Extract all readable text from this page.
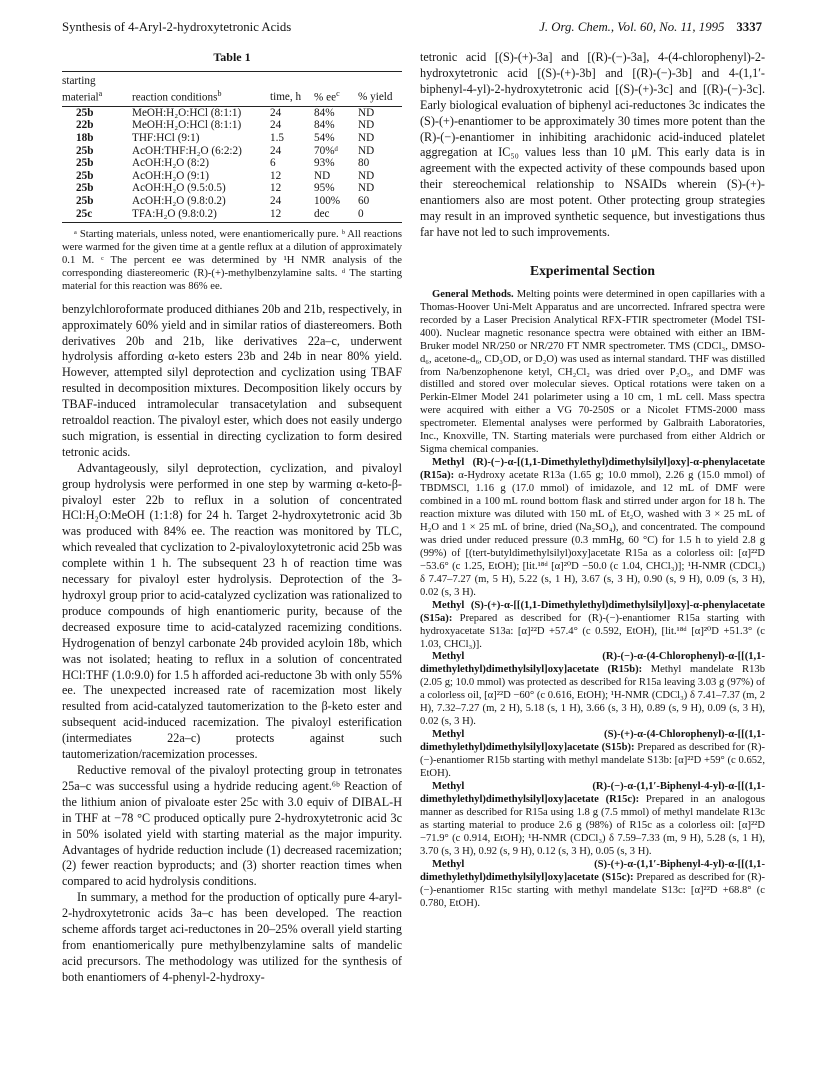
Synthesis of 4-Aryl-2-hydroxytetronic Acids	J. Org. Chem., Vol. 60, No. 11, 1995 3337
Table 1

starting
material$^a$	reaction conditions$^b$	time, h	% $ee^c$	% yield
25b	MeOH:H₂O:HCl (8:1:1)	24	84%	ND
22b	MeOH:H₂O:HCl (8:1:1)	24	84%	ND
18b	THF:HCl (9:1)	1.5	54%	ND
25b	AcOH:THF:H₂O (6:2:2)	24	70%ᵈ	ND
25b	AcOH:H₂O (8:2)	6	93%	80
25b	AcOH:H₂O (9:1)	12	ND	ND
25b	AcOH:H₂O (9.5:0.5)	12	95%	ND
25b	AcOH:H₂O (9.8:0.2)	24	100%	60
25c	TFA:H₂O (9.8:0.2)	12	dec	0

ᵃ Starting materials, unless noted, were enantiomerically pure. ᵇ All reactions were warmed for the given time at a gentle reflux at a dilution of approximately 0.1 M. ᶜ The percent ee was determined by ¹H NMR analysis of the corresponding diastereomeric (R)-(+)-methylbenzylamine salts. ᵈ The starting material for this reaction was 86% ee.

benzylchloroformate produced dithianes 20b and 21b, respectively, in approximately 60% yield and in similar ratios of diastereomers. Both derivatives 20b and 21b, like derivatives 22a–c, underwent hydrolysis affording α-keto esters 23b and 24b in near 80% yield. However, attempted silyl deprotection and cyclization using TBAF resulted in decomposition mixtures. Decomposition likely occurs by TBAF-induced intramolecular transacetylation and subsequent retroaldol reaction. The pivaloyl ester, which does not easily undergo such migration, is essential in directing cyclization to form desired tetronic acids.

Advantageously, silyl deprotection, cyclization, and pivaloyl group hydrolysis were performed in one step by warming α-keto-β-pivaloyl ester 22b to reflux in a solution of concentrated HCl:H₂O:MeOH (1:1:8) for 24 h. Target 2-hydroxytetronic acid 3b was produced with 84% ee. The reaction was monitored by TLC, which revealed that cyclization to 2-pivaloyloxytetronic acid 25b was complete within 1 h. The subsequent 23 h of reaction time was necessary for pivaloyl ester hydrolysis. Deprotection of the 3-hydroxyl group prior to acid-catalyzed cyclization was rationalized to produce compounds of high enantiomeric purity, because of the decreased exposure time to acid-catalyzed racemizing conditions. Hydrogenation of benzyl carbonate 24b provided acyloin 18b, which was not isolated; heating to reflux in a solution of concentrated HCl:THF (1.0:9.0) for 1.5 h afforded aci-reductone 3b with only 55% ee. The unexpected increased rate of racemization most likely resulted from acid-catalyzed tautomerization to the β-keto ester and subsequent acid-induced racemization. The pivaloyl esterification (intermediates 22a–c) protects against such tautomerization/racemization processes.

Reductive removal of the pivaloyl protecting group in tetronates 25a–c was successful using a hydride reducing agent.⁶ᵇ Reaction of the lithium anion of pivaloate ester 25c with 3.0 equiv of DIBAL-H in THF at −78 °C produced optically pure 2-hydroxytetronic acid 3c in 50% isolated yield with starting material as the major impurity. Advantages of hydride reduction include (1) decreased racemization; (2) fewer reaction byproducts; and (3) shorter reaction times when compared to acid hydrolysis conditions.

In summary, a method for the production of optically pure 4-aryl-2-hydroxytetronic acids 3a–c has been developed. The reaction scheme affords target aci-reductones in 20–25% overall yield starting from enantiomerically pure methylbenzylamine salts of mandelic acid precursors. The methodology was utilized for the synthesis of both enantiomers of 4-phenyl-2-hydroxy-

tetronic acid [(S)-(+)-3a] and [(R)-(−)-3a], 4-(4-chlorophenyl)-2-hydroxytetronic acid [(S)-(+)-3b] and [(R)-(−)-3b] and 4-(1,1′-biphenyl-4-yl)-2-hydroxytetronic acid [(S)-(+)-3c] and [(R)-(−)-3c]. Early biological evaluation of biphenyl aci-reductones 3c indicates the (S)-(+)-enantiomer to be approximately 30 times more potent than the (R)-(−)-enantiomer in inhibiting arachidonic acid-induced platelet aggregation at IC₅₀ values less than 10 μM. This early data is in agreement with the expected activity of these compounds based upon their stereochemical relationship to NSAIDs wherein (S)-(+)-enantiomers also are most potent. Other protecting group strategies may result in an improved synthetic sequence, but investigations thus far have not led to such improvements.

Experimental Section

General Methods. Melting points were determined in open capillaries with a Thomas-Hoover Uni-Melt Apparatus and are uncorrected. Infrared spectra were recorded by a Laser Precision Analytical RFX-FTIR spectrometer (Model TSI-400). Nuclear magnetic resonance spectra were obtained with either an IBM-Bruker model NR/250 or NR/270 FT NMR spectrometer. TMS (CDCl₃, DMSO-d₆, acetone-d₆, CD₃OD, or D₂O) was used as internal standard. THF was distilled from Na/benzophenone ketyl, CH₂Cl₂ was dried over P₂O₅, and DMF was distilled and stored over molecular sieves. Optical rotations were taken on a Perkin-Elmer Model 241 polarimeter using a 10 cm, 1 mL cell. Mass spectra were acquired with either a VG 70-250S or a Nicolet FTMS-2000 mass spectrometer. Elemental analyses were performed by Galbraith Laboratories, Inc., Knoxville, TN. Starting materials were purchased from either Aldrich or Sigma chemical companies.

Methyl (R)-(−)-α-[(1,1-Dimethylethyl)dimethylsilyl]oxy]-α-phenylacetate (R15a): α-Hydroxy acetate R13a (1.65 g; 10.0 mmol), 2.26 g (15.0 mmol) of TBDMSCl, 1.16 g (17.0 mmol) of imidazole, and 12 mL of DMF were combined in a 100 mL round bottom flask and stirred under argon for 18 h. The reaction mixture was diluted with 150 mL of Et₂O, washed with 3 × 25 mL of H₂O and 1 × 25 mL of brine, dried (Na₂SO₄), and concentrated. The compound was dried under reduced pressure (0.3 mmHg, 60 °C) for 1.5 h to yield 2.8 g (99%) of [(tert-butyldimethylsilyl)oxy]acetate R15a as a colorless oil: [α]²²D −53.6° (c 1.25, EtOH); [lit.¹⁸ᵈ [α]²⁰D −50.0 (c 1.04, CHCl₃)]; ¹H-NMR (CDCl₃) δ 7.47–7.27 (m, 5 H), 5.22 (s, 1 H), 3.67 (s, 3 H), 0.90 (s, 9 H), 0.09 (s, 3 H), 0.02 (s, 3 H).

Methyl (S)-(+)-α-[[(1,1-Dimethylethyl)dimethylsilyl]oxy]-α-phenylacetate (S15a): Prepared as described for (R)-(−)-enantiomer R15a starting with hydroxyacetate S13a: [α]²²D +57.4° (c 0.592, EtOH), [lit.¹⁸ᵈ [α]²⁰D +51.3° (c 1.03, CHCl₃)].

Methyl (R)-(−)-α-(4-Chlorophenyl)-α-[[(1,1-dimethylethyl)dimethylsilyl]oxy]acetate (R15b): Methyl mandelate R13b (2.05 g; 10.0 mmol) was protected as described for R15a leaving 3.03 g (97%) of a colorless oil, [α]²²D −60° (c 0.616, EtOH); ¹H-NMR (CDCl₃) δ 7.41–7.37 (m, 2 H), 7.32–7.27 (m, 2 H), 5.18 (s, 1 H), 3.66 (s, 3 H), 0.89 (s, 9 H), 0.09 (s, 3 H), 0.02 (s, 3 H).

Methyl (S)-(+)-α-(4-Chlorophenyl)-α-[[(1,1-dimethylethyl)dimethylsilyl]oxy]acetate (S15b): Prepared as described for (R)-(−)-enantiomer R15b starting with methyl mandelate S13b: [α]²²D +59° (c 0.652, EtOH).

Methyl (R)-(−)-α-(1,1′-Biphenyl-4-yl)-α-[[(1,1-dimethylethyl)dimethylsilyl]oxy]acetate (R15c): Prepared in an analogous manner as described for R15a using 1.8 g (7.5 mmol) of methyl mandelate R13c as starting material to produce 2.6 g (98%) of R15c as a colorless oil: [α]²²D −71.9° (c 0.914, EtOH); ¹H-NMR (CDCl₃) δ 7.59–7.33 (m, 9 H), 5.28 (s, 1 H), 3.70 (s, 3 H), 0.92 (s, 9 H), 0.12 (s, 3 H), 0.05 (s, 3 H).

Methyl (S)-(+)-α-(1,1′-Biphenyl-4-yl)-α-[[(1,1-dimethylethyl)dimethylsilyl]oxy]acetate (S15c): Prepared as described for (R)-(−)-enantiomer R15c starting with methyl mandelate S13c: [α]²²D +68.8° (c 0.780, EtOH).
